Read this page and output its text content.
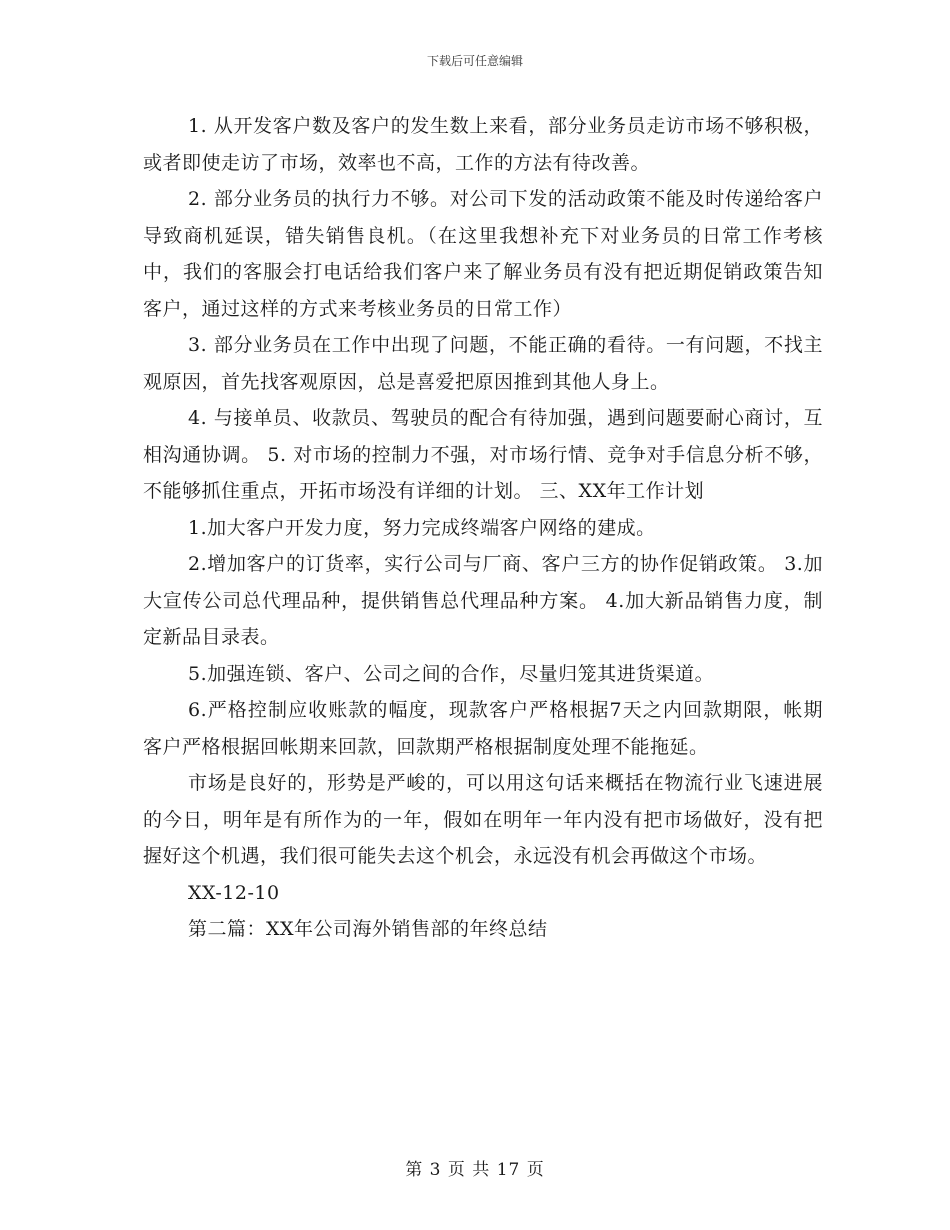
下载后可任意编辑

1. 从开发客户数及客户的发生数上来看，部分业务员走访市场不够积极，或者即使走访了市场，效率也不高，工作的方法有待改善。

2. 部分业务员的执行力不够。对公司下发的活动政策不能及时传递给客户导致商机延误，错失销售良机。（在这里我想补充下对业务员的日常工作考核中，我们的客服会打电话给我们客户来了解业务员有没有把近期促销政策告知客户，通过这样的方式来考核业务员的日常工作）

3. 部分业务员在工作中出现了问题，不能正确的看待。一有问题，不找主观原因，首先找客观原因，总是喜爱把原因推到其他人身上。

4. 与接单员、收款员、驾驶员的配合有待加强，遇到问题要耐心商讨，互相沟通协调。 5. 对市场的控制力不强，对市场行情、竞争对手信息分析不够，不能够抓住重点，开拓市场没有详细的计划。 三、XX年工作计划

1.加大客户开发力度，努力完成终端客户网络的建成。

2.增加客户的订货率，实行公司与厂商、客户三方的协作促销政策。 3.加大宣传公司总代理品种，提供销售总代理品种方案。 4.加大新品销售力度，制定新品目录表。

5.加强连锁、客户、公司之间的合作，尽量归笼其进货渠道。

6.严格控制应收账款的幅度，现款客户严格根据7天之内回款期限，帐期客户严格根据回帐期来回款，回款期严格根据制度处理不能拖延。

市场是良好的，形势是严峻的，可以用这句话来概括在物流行业飞速进展的今日，明年是有所作为的一年，假如在明年一年内没有把市场做好，没有把握好这个机遇，我们很可能失去这个机会，永远没有机会再做这个市场。

XX-12-10

第二篇：XX年公司海外销售部的年终总结

第 3 页 共 17 页
